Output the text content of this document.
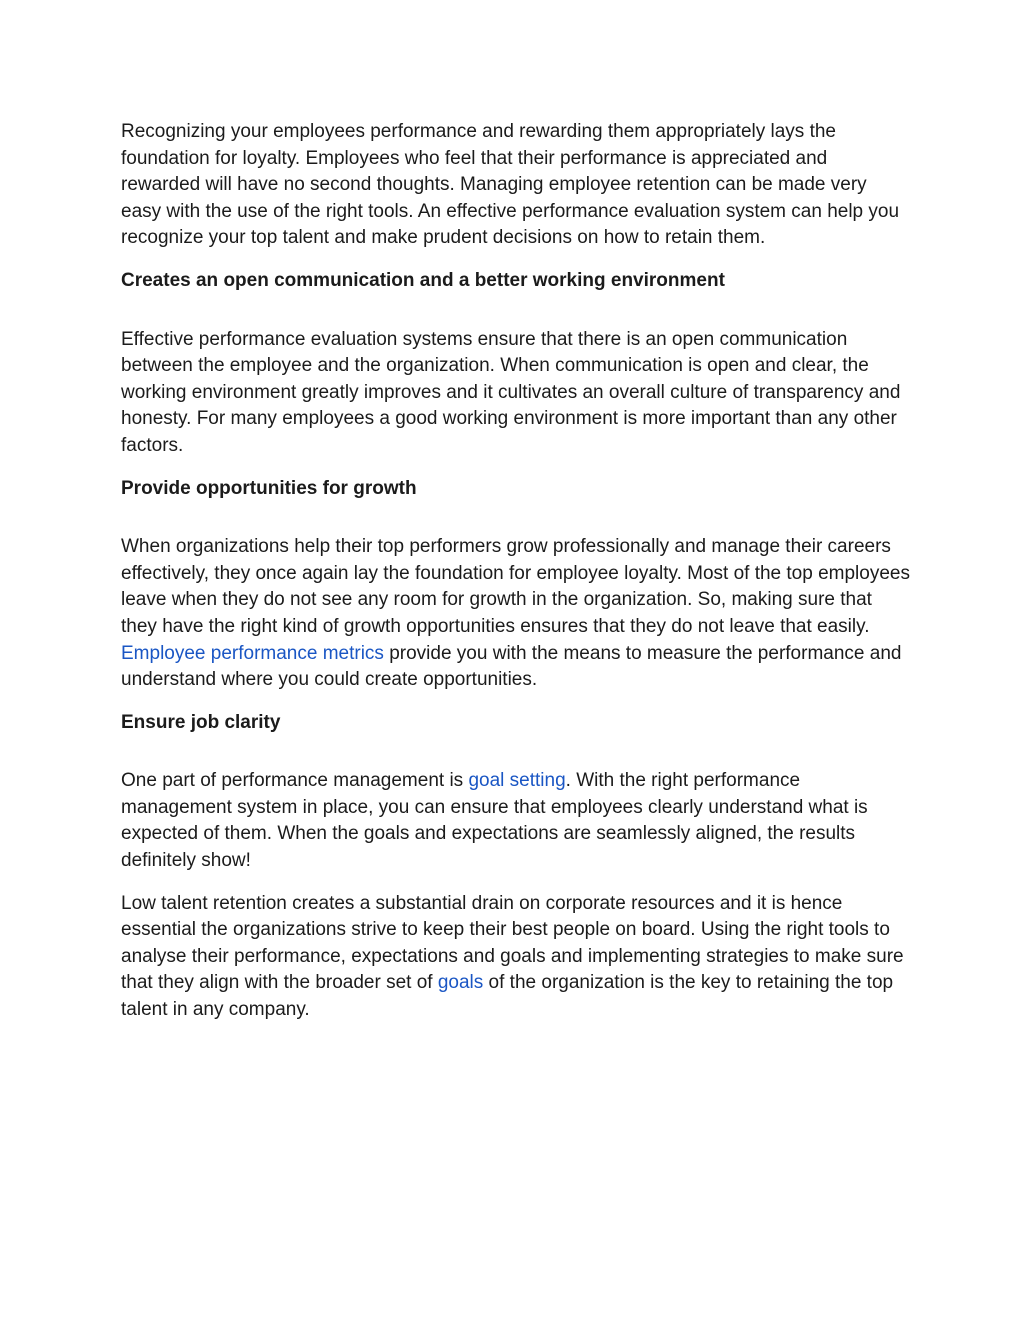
Recognizing your employees performance and rewarding them appropriately lays the foundation for loyalty. Employees who feel that their performance is appreciated and rewarded will have no second thoughts. Managing employee retention can be made very easy with the use of the right tools. An effective performance evaluation system can help you recognize your top talent and make prudent decisions on how to retain them.

Creates an open communication and a better working environment

Effective performance evaluation systems ensure that there is an open communication between the employee and the organization. When communication is open and clear, the working environment greatly improves and it cultivates an overall culture of transparency and honesty. For many employees a good working environment is more important than any other factors.

Provide opportunities for growth

When organizations help their top performers grow professionally and manage their careers effectively, they once again lay the foundation for employee loyalty. Most of the top employees leave when they do not see any room for growth in the organization. So, making sure that they have the right kind of growth opportunities ensures that they do not leave that easily. Employee performance metrics provide you with the means to measure the performance and understand where you could create opportunities.

Ensure job clarity

One part of performance management is goal setting. With the right performance management system in place, you can ensure that employees clearly understand what is expected of them. When the goals and expectations are seamlessly aligned, the results definitely show!

Low talent retention creates a substantial drain on corporate resources and it is hence essential the organizations strive to keep their best people on board. Using the right tools to analyse their performance, expectations and goals and implementing strategies to make sure that they align with the broader set of goals of the organization is the key to retaining the top talent in any company.
